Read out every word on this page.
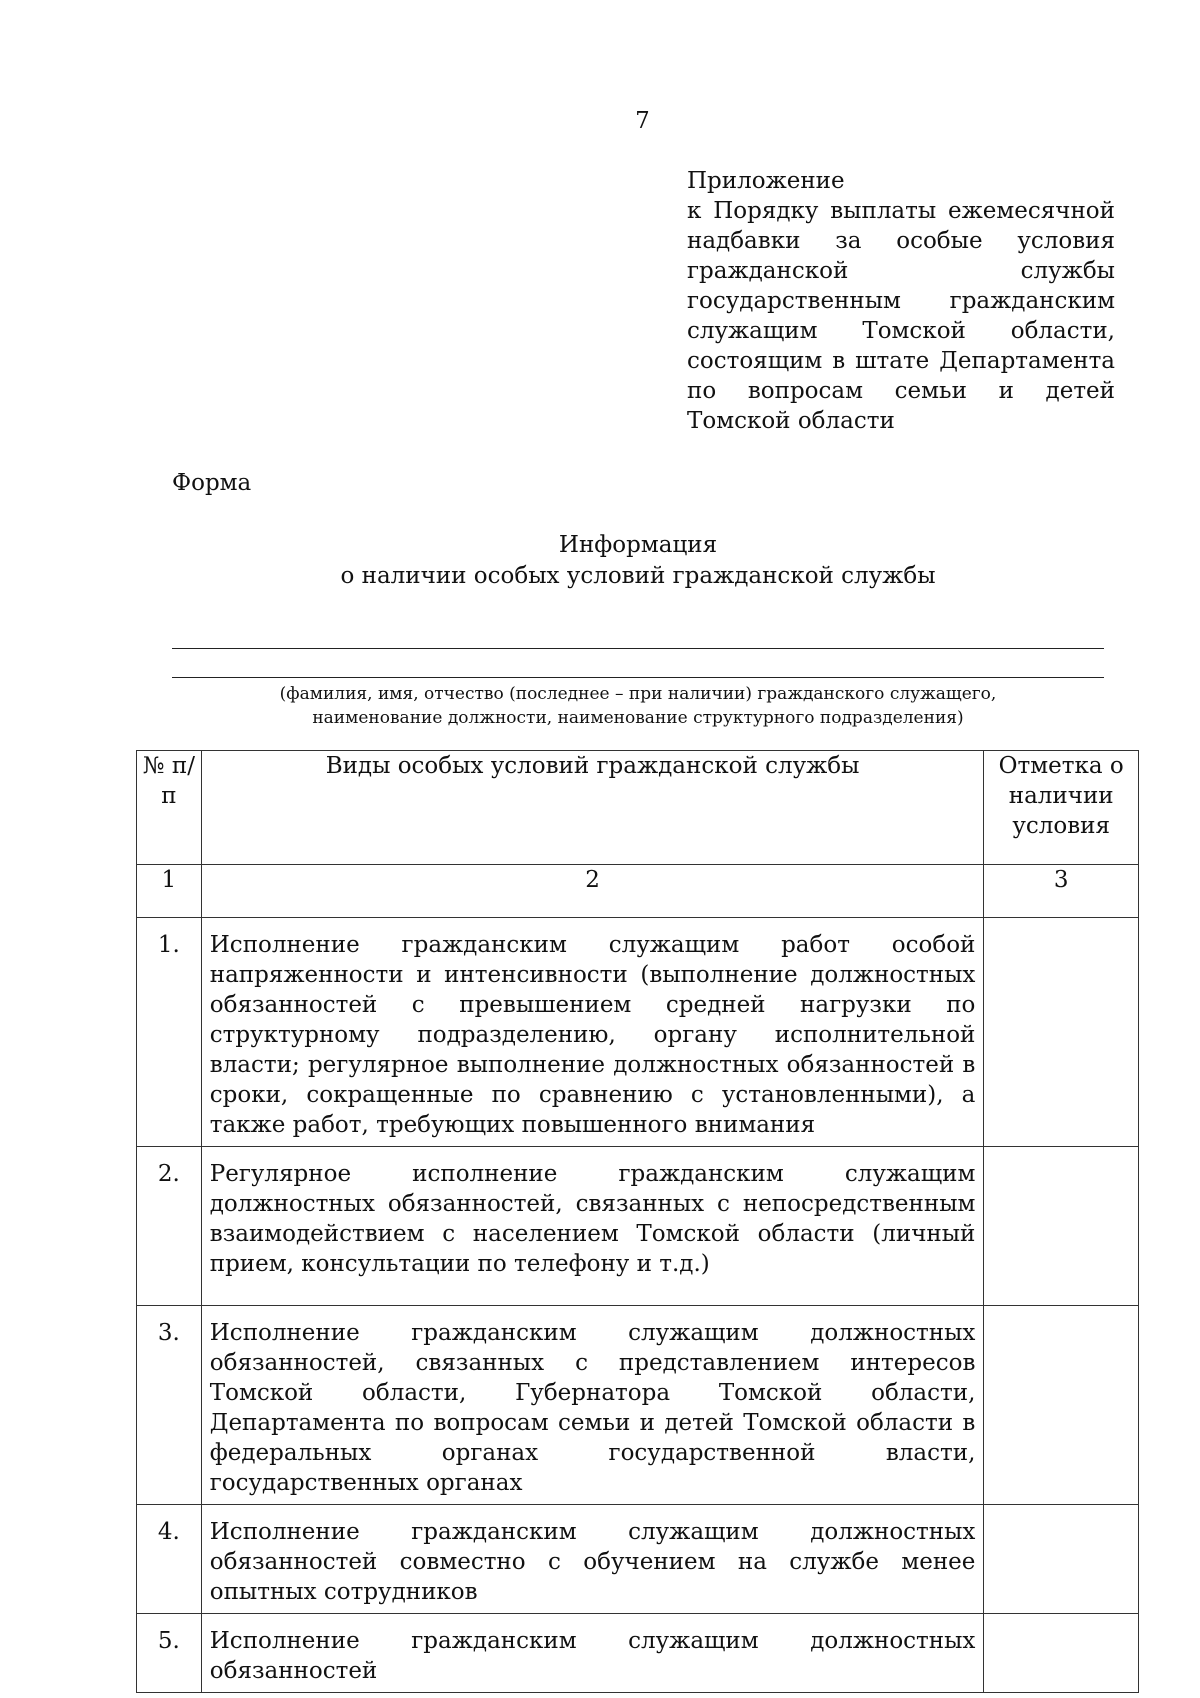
7
Приложение
к Порядку выплаты ежемесячной надбавки за особые условия гражданской службы государственным гражданским служащим Томской области, состоящим в штате Департамента по вопросам семьи и детей Томской области
Форма
Информация
о наличии особых условий гражданской службы
(фамилия, имя, отчество (последнее – при наличии) гражданского служащего,
наименование должности, наименование структурного подразделения)
№ п/п	Виды особых условий гражданской службы	Отметка о наличии условия
1	2	3
1.	Исполнение гражданским служащим работ особой напряженности и интенсивности (выполнение должностных обязанностей с превышением средней нагрузки по структурному подразделению, органу исполнительной власти; регулярное выполнение должностных обязанностей в сроки, сокращенные по сравнению с установленными), а также работ, требующих повышенного внимания	

2.	Регулярное исполнение гражданским служащим должностных обязанностей, связанных с непосредственным взаимодействием с населением Томской области (личный прием, консультации по телефону и т.д.)	

3.	Исполнение гражданским служащим должностных обязанностей, связанных с представлением интересов Томской области, Губернатора Томской области, Департамента по вопросам семьи и детей Томской области в федеральных органах государственной власти, государственных органах	

4.	Исполнение гражданским служащим должностных обязанностей совместно с обучением на службе менее опытных сотрудников	

5.	Исполнение гражданским служащим должностных обязанностей	
